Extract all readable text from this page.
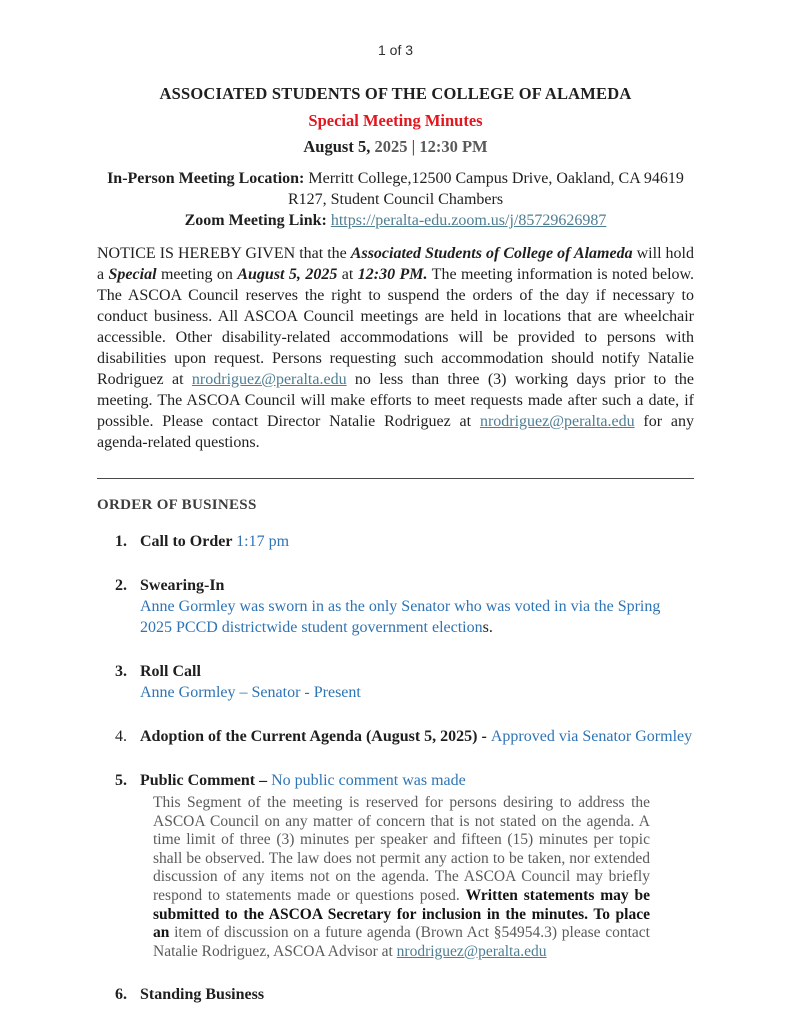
1 of 3
ASSOCIATED STUDENTS OF THE COLLEGE OF ALAMEDA
Special Meeting Minutes
August 5, 2025 | 12:30 PM
In-Person Meeting Location: Merritt College,12500 Campus Drive, Oakland, CA 94619
R127, Student Council Chambers
Zoom Meeting Link: https://peralta-edu.zoom.us/j/85729626987
NOTICE IS HEREBY GIVEN that the Associated Students of College of Alameda will hold a Special meeting on August 5, 2025 at 12:30 PM. The meeting information is noted below. The ASCOA Council reserves the right to suspend the orders of the day if necessary to conduct business. All ASCOA Council meetings are held in locations that are wheelchair accessible. Other disability-related accommodations will be provided to persons with disabilities upon request. Persons requesting such accommodation should notify Natalie Rodriguez at nrodriguez@peralta.edu no less than three (3) working days prior to the meeting. The ASCOA Council will make efforts to meet requests made after such a date, if possible. Please contact Director Natalie Rodriguez at nrodriguez@peralta.edu for any agenda-related questions.
ORDER OF BUSINESS
1. Call to Order 1:17 pm
2. Swearing-In
Anne Gormley was sworn in as the only Senator who was voted in via the Spring 2025 PCCD districtwide student government elections.
3. Roll Call
Anne Gormley – Senator - Present
4. Adoption of the Current Agenda (August 5, 2025) - Approved via Senator Gormley
5. Public Comment – No public comment was made
This Segment of the meeting is reserved for persons desiring to address the ASCOA Council on any matter of concern that is not stated on the agenda. A time limit of three (3) minutes per speaker and fifteen (15) minutes per topic shall be observed. The law does not permit any action to be taken, nor extended discussion of any items not on the agenda. The ASCOA Council may briefly respond to statements made or questions posed. Written statements may be submitted to the ASCOA Secretary for inclusion in the minutes. To place an item of discussion on a future agenda (Brown Act §54954.3) please contact Natalie Rodriguez, ASCOA Advisor at nrodriguez@peralta.edu
6. Standing Business
